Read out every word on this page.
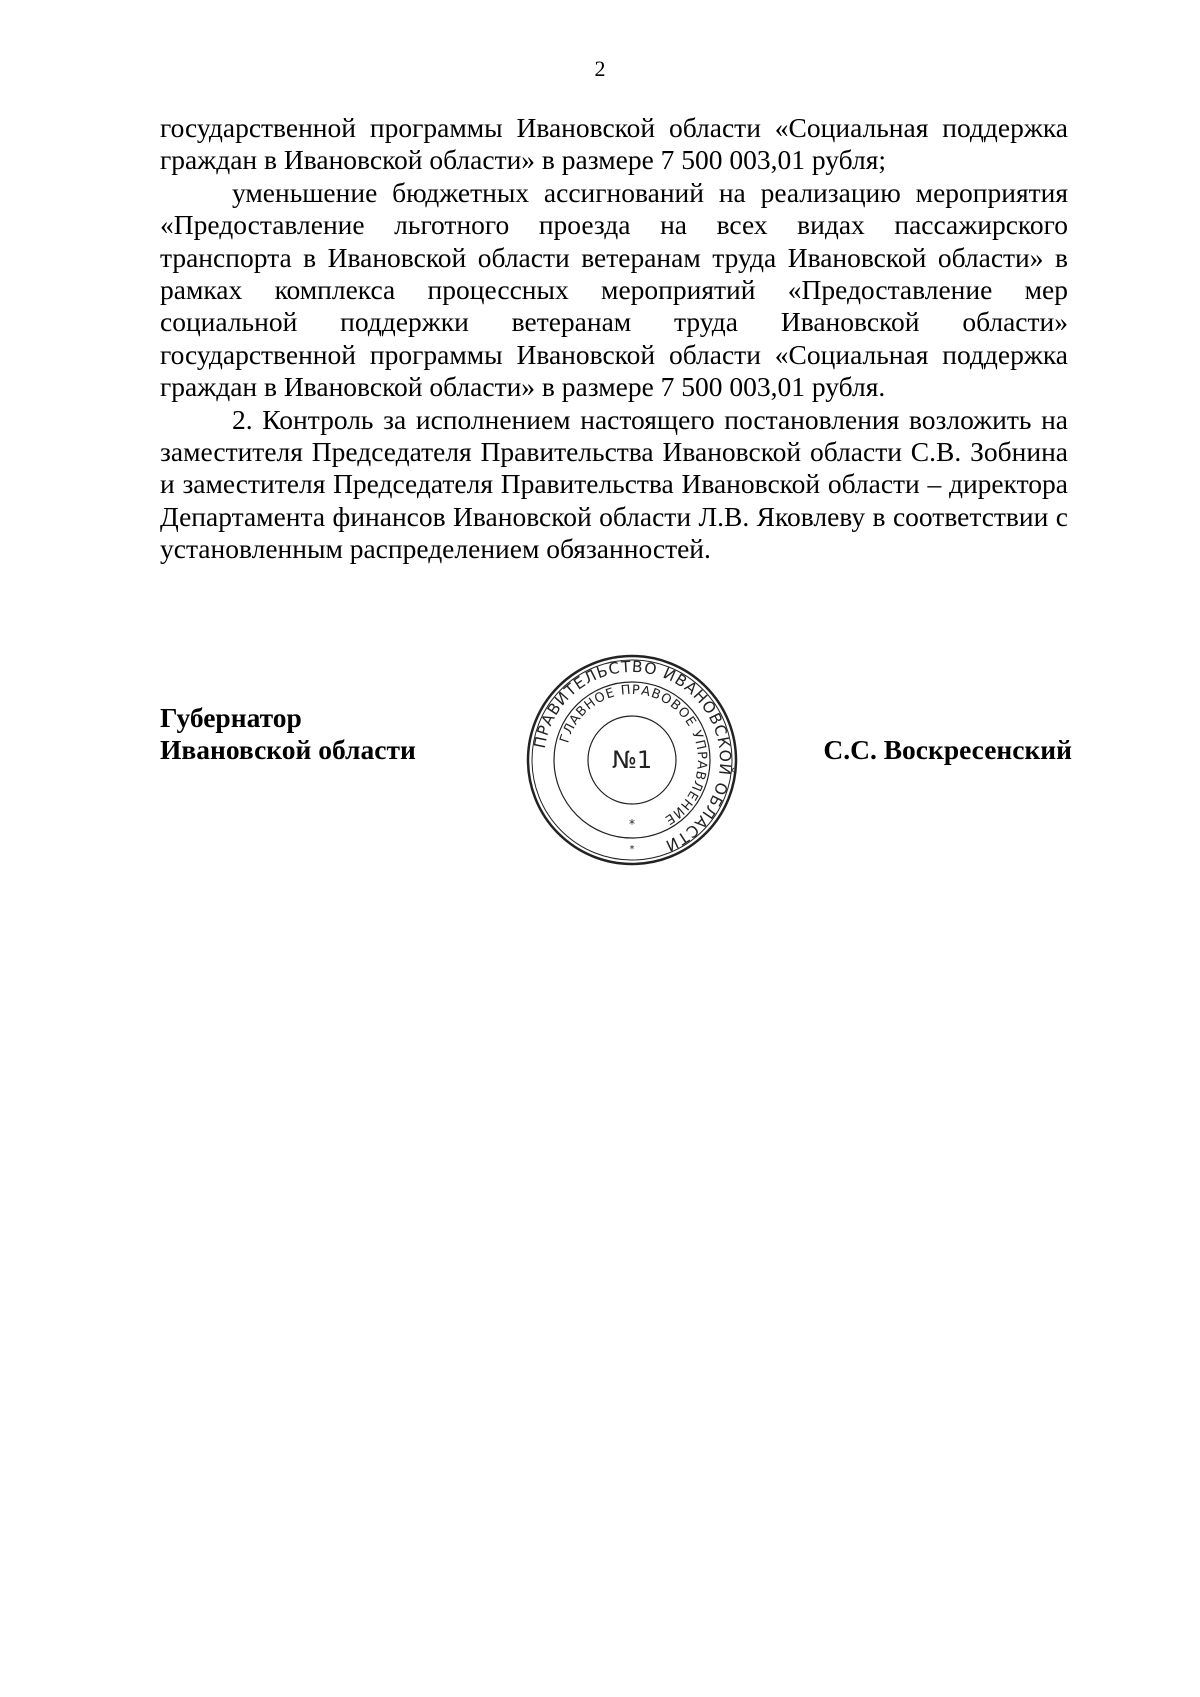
2

государственной программы Ивановской области «Социальная поддержка граждан в Ивановской области» в размере 7 500 003,01 рубля;

уменьшение бюджетных ассигнований на реализацию мероприятия «Предоставление льготного проезда на всех видах пассажирского транспорта в Ивановской области ветеранам труда Ивановской области» в рамках комплекса процессных мероприятий «Предоставление мер социальной поддержки ветеранам труда Ивановской области» государственной программы Ивановской области «Социальная поддержка граждан в Ивановской области» в размере 7 500 003,01 рубля.

2. Контроль за исполнением настоящего постановления возложить на заместителя Председателя Правительства Ивановской области С.В. Зобнина и заместителя Председателя Правительства Ивановской области – директора Департамента финансов Ивановской области Л.В. Яковлеву в соответствии с установленным распределением обязанностей.

Губернатор
Ивановской области	ПРАВИТЕЛЬСТВО ИВАНОВСКОЙ ОБЛАСТИ
ГЛАВНОЕ ПРАВОВОЕ УПРАВЛЕНИЕ
№1
*
*
С.С. Воскресенский
